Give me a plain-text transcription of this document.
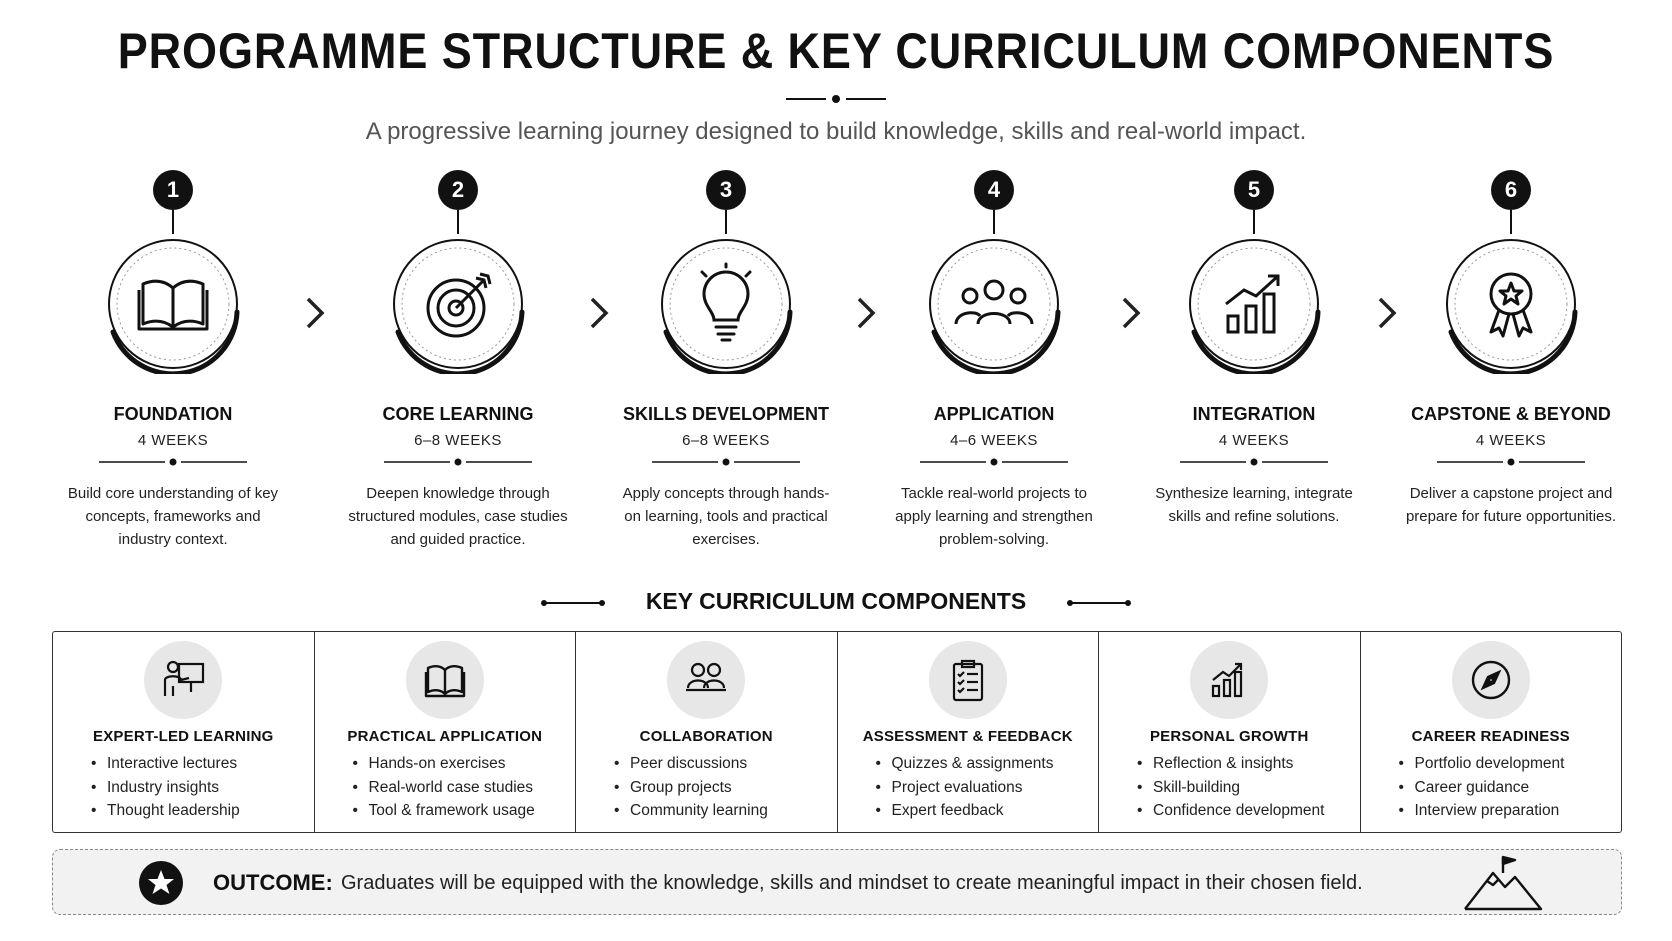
PROGRAMME STRUCTURE & KEY CURRICULUM COMPONENTS
A progressive learning journey designed to build knowledge, skills and real-world impact.
1
FOUNDATION
4 WEEKS
Build core understanding of key concepts, frameworks and industry context.
2
CORE LEARNING
6–8 WEEKS
Deepen knowledge through structured modules, case studies and guided practice.
3
SKILLS DEVELOPMENT
6–8 WEEKS
Apply concepts through hands-on learning, tools and practical exercises.
4
APPLICATION
4–6 WEEKS
Tackle real-world projects to apply learning and strengthen problem-solving.
5
INTEGRATION
4 WEEKS
Synthesize learning, integrate skills and refine solutions.
6
CAPSTONE & BEYOND
4 WEEKS
Deliver a capstone project and prepare for future opportunities.
KEY CURRICULUM COMPONENTS
EXPERT-LED LEARNING
• Interactive lectures
• Industry insights
• Thought leadership
PRACTICAL APPLICATION
• Hands-on exercises
• Real-world case studies
• Tool & framework usage
COLLABORATION
• Peer discussions
• Group projects
• Community learning
ASSESSMENT & FEEDBACK
• Quizzes & assignments
• Project evaluations
• Expert feedback
PERSONAL GROWTH
• Reflection & insights
• Skill-building
• Confidence development
CAREER READINESS
• Portfolio development
• Career guidance
• Interview preparation
OUTCOME: Graduates will be equipped with the knowledge, skills and mindset to create meaningful impact in their chosen field.
